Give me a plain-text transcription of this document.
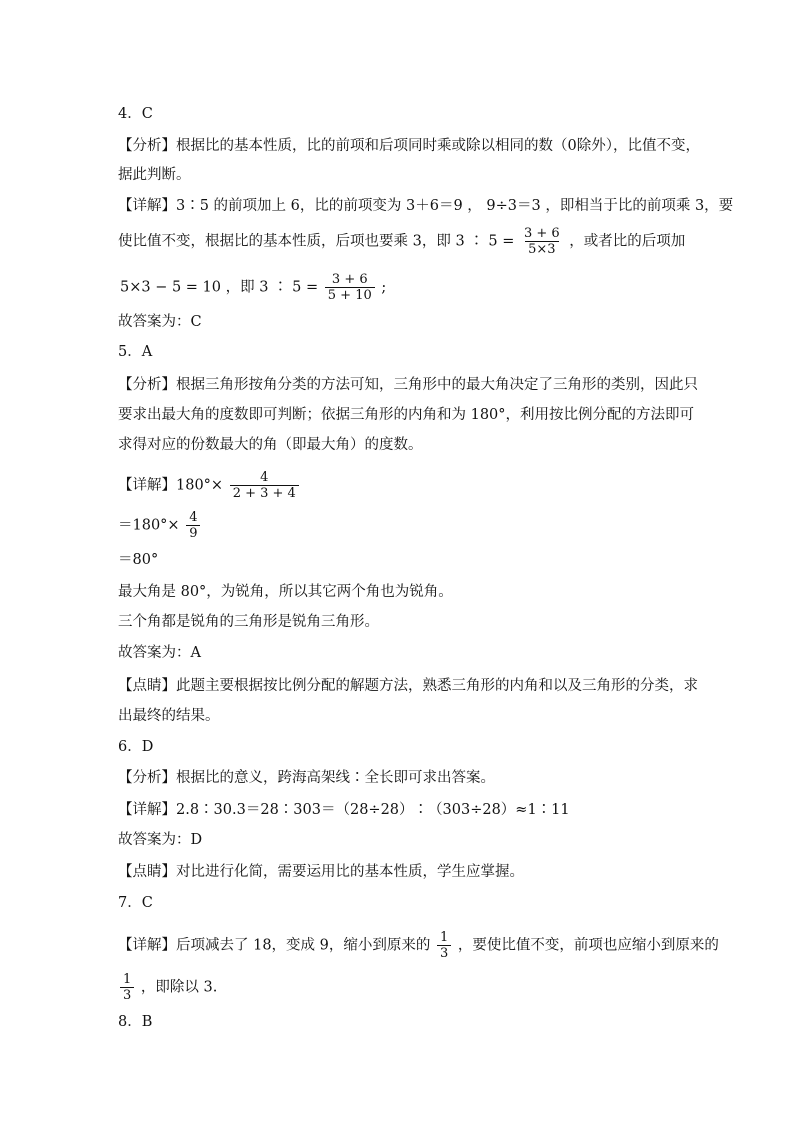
4．C
【分析】根据比的基本性质，比的前项和后项同时乘或除以相同的数（0除外），比值不变，
据此判断。
【详解】3∶5 的前项加上 6，比的前项变为 3＋6＝9 ， 9÷3＝3 ，即相当于比的前项乘 3，要
使比值不变，根据比的基本性质，后项也要乘 3，即 3 ∶ $5 = \frac{3 + 6}{5\times 3}$ ，或者比的后项加
5×3 − 5 = 10 ，即 3 ∶ $5 = \frac{3 + 6}{5 + 10}$ ;
故答案为：C
5．A
【分析】根据三角形按角分类的方法可知，三角形中的最大角决定了三角形的类别，因此只
要求出最大角的度数即可判断；依据三角形的内角和为 180°，利用按比例分配的方法即可
求得对应的份数最大的角（即最大角）的度数。
【详解】$180^\circ\times \frac{4}{2 + 3 + 4}$
$=180^\circ\times \frac{4}{9}$
＝80°
最大角是 80°，为锐角，所以其它两个角也为锐角。
三个角都是锐角的三角形是锐角三角形。
故答案为：A
【点睛】此题主要根据按比例分配的解题方法，熟悉三角形的内角和以及三角形的分类，求
出最终的结果。
6．D
【分析】根据比的意义，跨海高架线∶全长即可求出答案。
【详解】2.8∶30.3＝28∶303＝（28÷28）∶（303÷28）≈1∶11
故答案为：D
【点睛】对比进行化简，需要运用比的基本性质，学生应掌握。
7．C
【详解】后项减去了 18，变成 9，缩小到原来的 $\frac{1}{3}$ ，要使比值不变，前项也应缩小到原来的
$\frac{1}{3}$ ，即除以 3.
8．B
